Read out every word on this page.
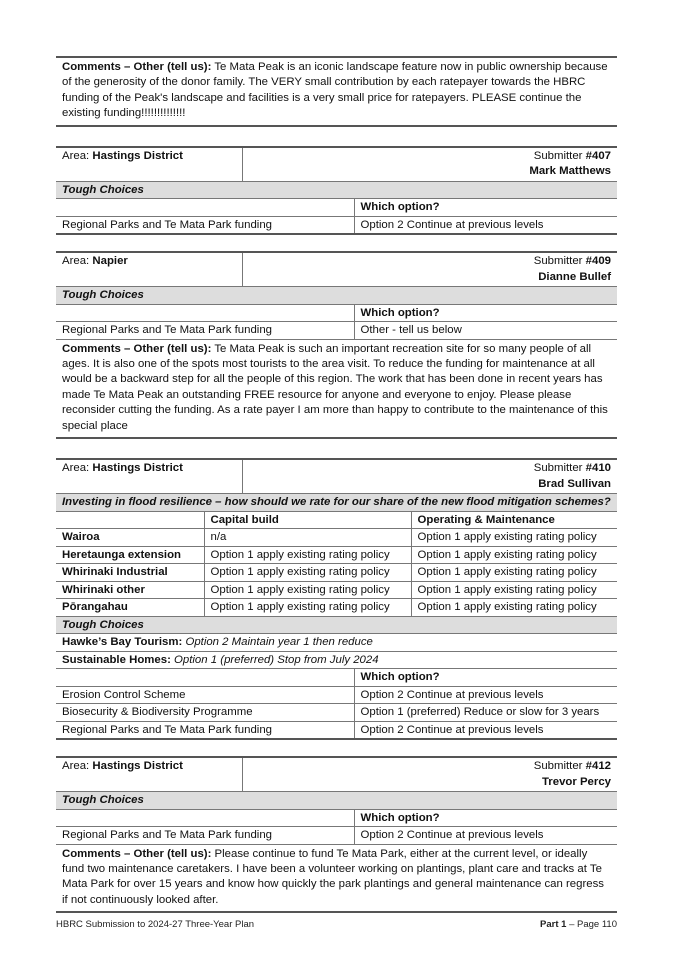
Comments – Other (tell us): Te Mata Peak is an iconic landscape feature now in public ownership because of the generosity of the donor family. The VERY small contribution by each ratepayer towards the HBRC funding of the Peak's landscape and facilities is a very small price for ratepayers. PLEASE continue the existing funding!!!!!!!!!!!!!!
Area: Hastings District	Submitter #407
Mark Matthews
Tough Choices	
	Which option?
Regional Parks and Te Mata Park funding	Option 2 Continue at previous levels
Area: Napier	Submitter #409
Dianne Bullef
Tough Choices	
	Which option?
Regional Parks and Te Mata Park funding	Other - tell us below
Comments – Other (tell us): Te Mata Peak is such an important recreation site for so many people of all ages. It is also one of the spots most tourists to the area visit. To reduce the funding for maintenance at all would be a backward step for all the people of this region. The work that has been done in recent years has made Te Mata Peak an outstanding FREE resource for anyone and everyone to enjoy. Please please reconsider cutting the funding. As a rate payer I am more than happy to contribute to the maintenance of this special place
Area: Hastings District	Submitter #410
Brad Sullivan
Investing in flood resilience – how should we rate for our share of the new flood mitigation schemes?		
	Capital build	Operating & Maintenance
Wairoa	n/a	Option 1 apply existing rating policy
Heretaunga extension	Option 1 apply existing rating policy	Option 1 apply existing rating policy
Whirinaki Industrial	Option 1 apply existing rating policy	Option 1 apply existing rating policy
Whirinaki other	Option 1 apply existing rating policy	Option 1 apply existing rating policy
Pōrangahau	Option 1 apply existing rating policy	Option 1 apply existing rating policy
Tough Choices	
Hawke’s Bay Tourism: Option 2 Maintain year 1 then reduce	
Sustainable Homes: Option 1 (preferred) Stop from July 2024	
	Which option?
Erosion Control Scheme	Option 2 Continue at previous levels
Biosecurity & Biodiversity Programme	Option 1 (preferred) Reduce or slow for 3 years
Regional Parks and Te Mata Park funding	Option 2 Continue at previous levels
Area: Hastings District	Submitter #412
Trevor Percy
Tough Choices	
	Which option?
Regional Parks and Te Mata Park funding	Option 2 Continue at previous levels
Comments – Other (tell us): Please continue to fund Te Mata Park, either at the current level, or ideally fund two maintenance caretakers. I have been a volunteer working on plantings, plant care and tracks at Te Mata Park for over 15 years and know how quickly the park plantings and general maintenance can regress if not continuously looked after.
HBRC Submission to 2024-27 Three-Year Plan	Part 1 – Page 110
